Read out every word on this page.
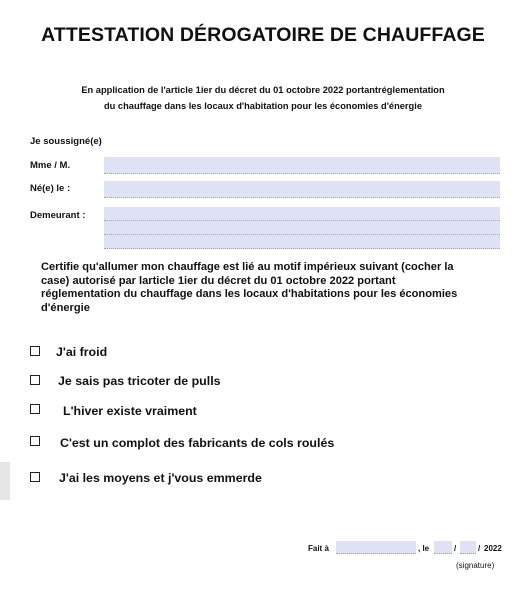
ATTESTATION DÉROGATOIRE DE CHAUFFAGE
En application de l'article 1ier du décret du 01 octobre 2022 portantréglementation
du chauffage dans les locaux d'habitation pour les économies d'énergie
Je soussigné(e)
Mme / M.
Né(e) le :
Demeurant :
Certifie qu'allumer mon chauffage est lié au motif impérieux suivant (cocher la
case) autorisé par larticle 1ier du décret du 01 octobre 2022 portant
réglementation du chauffage dans les locaux d'habitations pour les économies
d'énergie
J'ai froid
Je sais pas tricoter de pulls
L'hiver existe vraiment
C'est un complot des fabricants de cols roulés
J'ai les moyens et j'vous emmerde
Fait à	, le	/	/ 2022
(signature)
